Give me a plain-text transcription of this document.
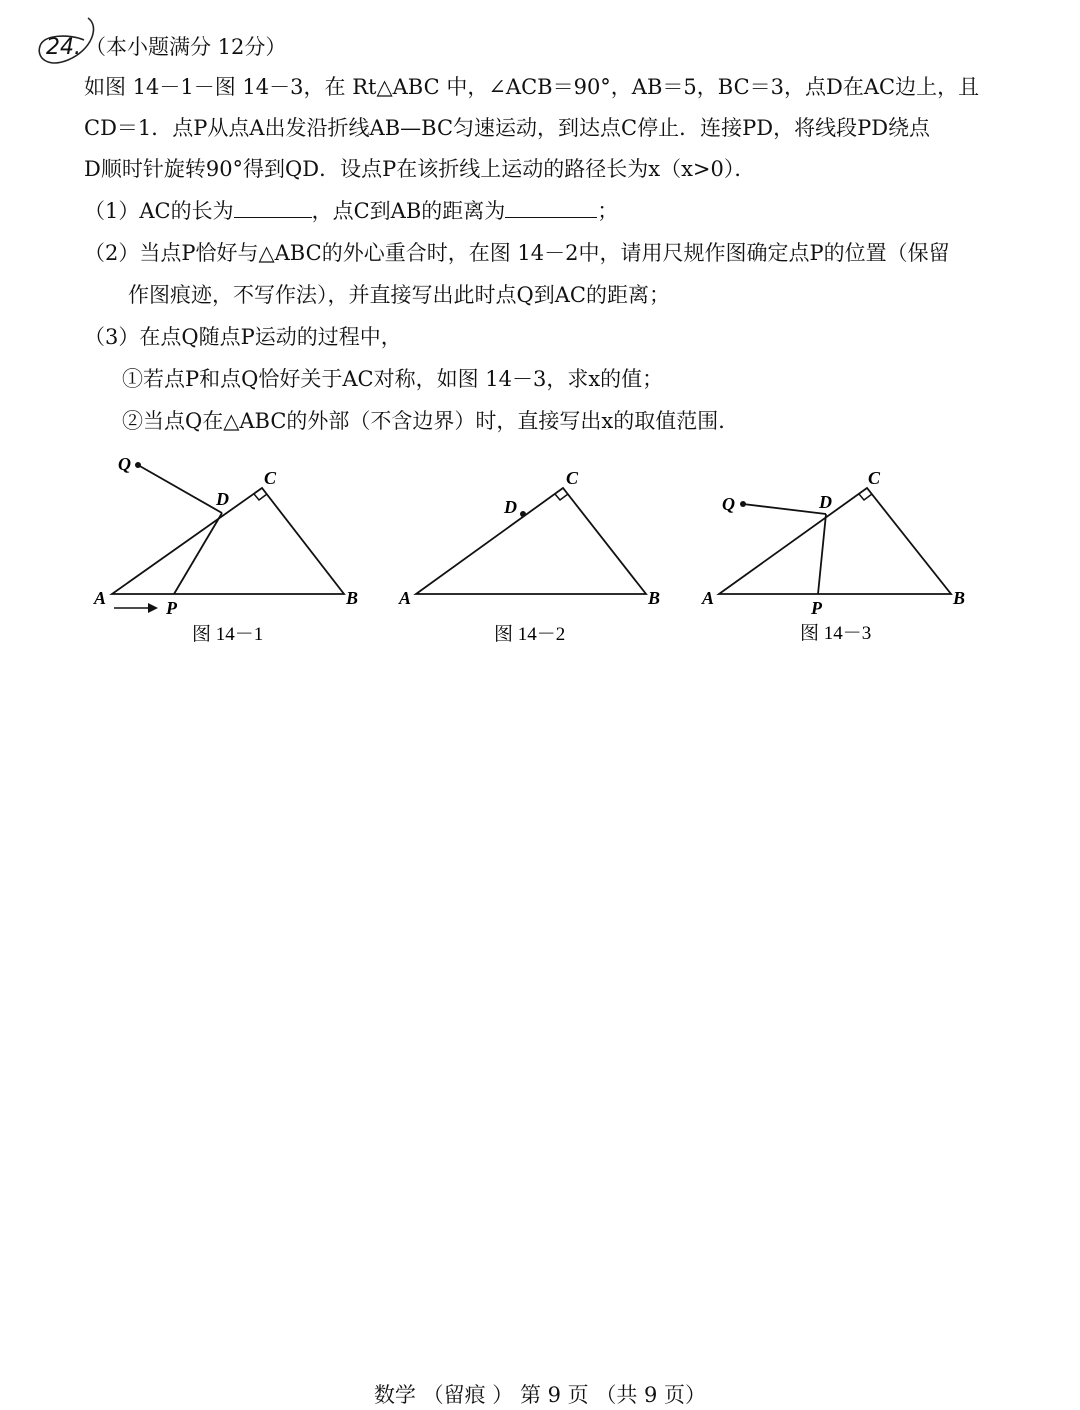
24. （本小题满分 12分）
如图 14－1－图 14－3，在 Rt△ABC 中，∠ACB＝90°，AB＝5，BC＝3，点D在AC边上，且
CD＝1．点P从点A出发沿折线AB—BC匀速运动，到达点C停止．连接PD，将线段PD绕点
D顺时针旋转90°得到QD．设点P在该折线上运动的路径长为x（x>0）．
（1）AC的长为	，点C到AB的距离为	；
（2）当点P恰好与△ABC的外心重合时，在图 14－2中，请用尺规作图确定点P的位置（保留
作图痕迹，不写作法），并直接写出此时点Q到AC的距离；
（3）在点Q随点P运动的过程中，
①若点P和点Q恰好关于AC对称，如图 14－3，求x的值；
②当点Q在△ABC的外部（不含边界）时，直接写出x的取值范围．
Q
D
C
A	P	B
图 14－1
D
C
A	B
图 14－2
Q	D
C
A	P	B
图 14－3
数学 （留痕 ） 第 9 页 （共 9 页）
